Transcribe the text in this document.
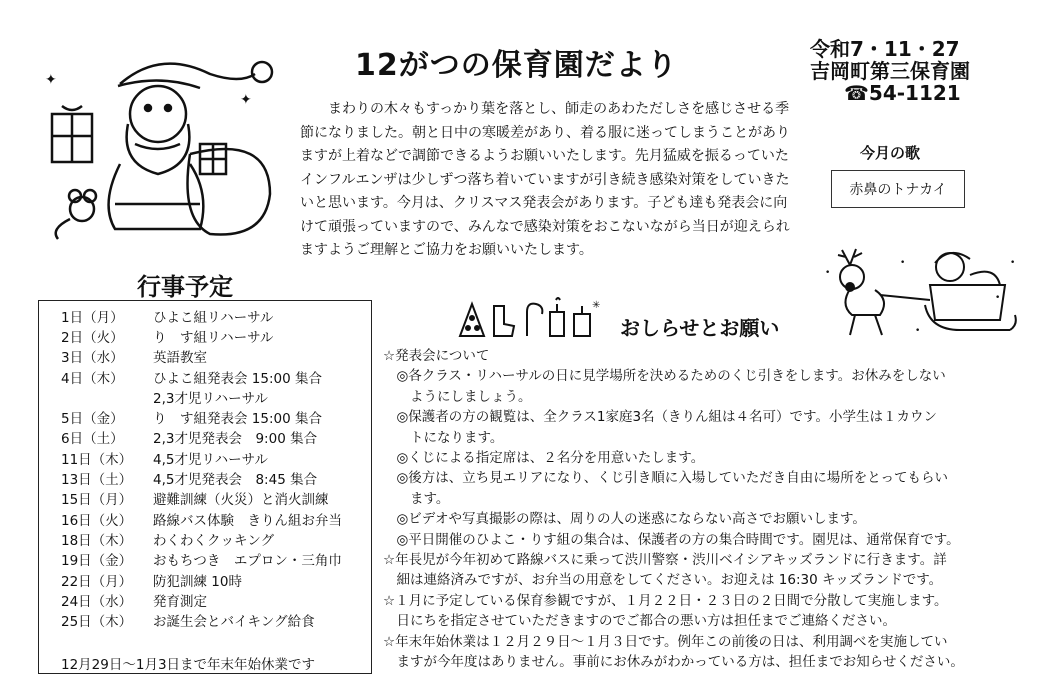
✦
✦	12がつの保育園だより	令和7・11・27
吉岡町第三保育園
☎54-1121
まわりの木々もすっかり葉を落とし、師走のあわただしさを感じさせる季節になりました。朝と日中の寒暖差があり、着る服に迷ってしまうことがありますが上着などで調節できるようお願いいたします。先月猛威を振るっていたインフルエンザは少しずつ落ち着いていますが引き続き感染対策をしていきたいと思います。今月は、クリスマス発表会があります。子ども達も発表会に向けて頑張っていますので、みんなで感染対策をおこないながら当日が迎えられますようご理解とご協力をお願いいたします。
今月の歌
赤鼻のトナカイ
•
•	•
•
•
行事予定
1日（月） ひよこ組リハーサル
2日（火） り　す組リハーサル
3日（水） 英語教室
4日（木） ひよこ組発表会 15:00 集合
2,3才児リハーサル
5日（金） り　す組発表会 15:00 集合
6日（土） 2,3才児発表会　9:00 集合
11日（木） 4,5才児リハーサル
13日（土） 4,5才児発表会　8:45 集合
15日（月） 避難訓練（火災）と消火訓練
16日（火） 路線バス体験　きりん組お弁当
18日（木） わくわくクッキング
19日（金） おもちつき　エプロン・三角巾
22日（月） 防犯訓練 10時
24日（水） 発育測定
25日（木） お誕生会とバイキング給食
12月29日～1月3日まで年末年始休業です
✳
おしらせとお願い
☆発表会について
　◎各クラス・リハーサルの日に見学場所を決めるためのくじ引きをします。お休みをしない
　　ようにしましょう。
　◎保護者の方の観覧は、全クラス1家庭3名（きりん組は４名可）です。小学生は１カウン
　　トになります。
　◎くじによる指定席は、２名分を用意いたします。
　◎後方は、立ち見エリアになり、くじ引き順に入場していただき自由に場所をとってもらい
　　ます。
　◎ビデオや写真撮影の際は、周りの人の迷惑にならない高さでお願いします。
　◎平日開催のひよこ・りす組の集合は、保護者の方の集合時間です。園児は、通常保育です。
☆年長児が今年初めて路線バスに乗って渋川警察・渋川ベイシアキッズランドに行きます。詳
　細は連絡済みですが、お弁当の用意をしてください。お迎えは 16:30 キッズランドです。
☆１月に予定している保育参観ですが、１月２２日・２３日の２日間で分散して実施します。
　日にちを指定させていただきますのでご都合の悪い方は担任までご連絡ください。
☆年末年始休業は１２月２９日～１月３日です。例年この前後の日は、利用調べを実施してい
　ますが今年度はありません。事前にお休みがわかっている方は、担任までお知らせください。
